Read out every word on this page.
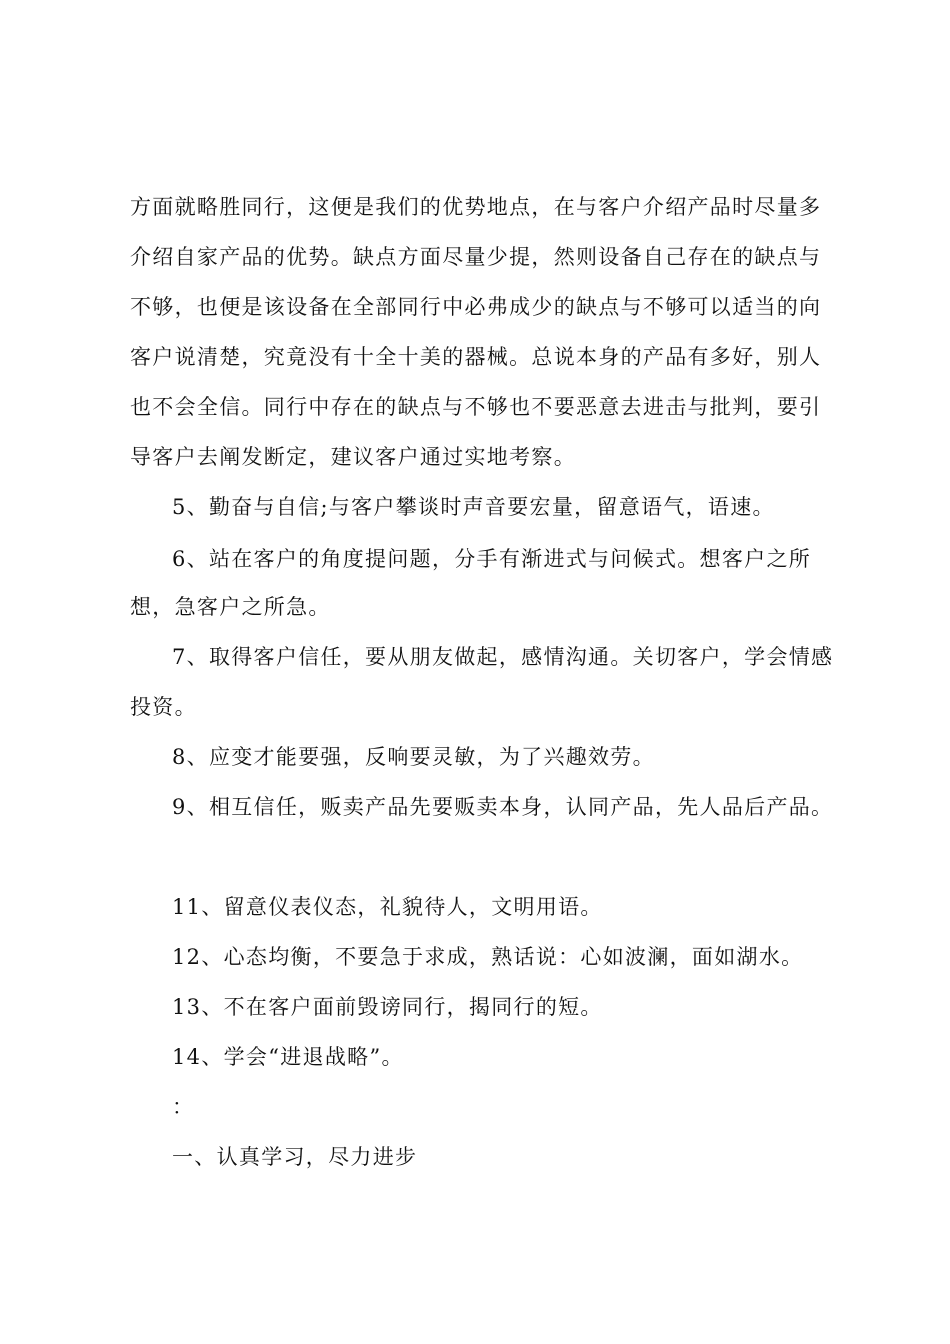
方面就略胜同行，这便是我们的优势地点，在与客户介绍产品时尽量多
介绍自家产品的优势。缺点方面尽量少提，然则设备自己存在的缺点与
不够，也便是该设备在全部同行中必弗成少的缺点与不够可以适当的向
客户说清楚，究竟没有十全十美的器械。总说本身的产品有多好，别人
也不会全信。同行中存在的缺点与不够也不要恶意去进击与批判，要引
导客户去阐发断定，建议客户通过实地考察。
5、勤奋与自信;与客户攀谈时声音要宏量，留意语气，语速。
6、站在客户的角度提问题，分手有渐进式与问候式。想客户之所
想，急客户之所急。
7、取得客户信任，要从朋友做起，感情沟通。关切客户，学会情感
投资。
8、应变才能要强，反响要灵敏，为了兴趣效劳。
9、相互信任，贩卖产品先要贩卖本身，认同产品，先人品后产品。
11、留意仪表仪态，礼貌待人，文明用语。
12、心态均衡，不要急于求成，熟话说：心如波澜，面如湖水。
13、不在客户面前毁谤同行，揭同行的短。
14、学会“进退战略”。
：
一、认真学习，尽力进步
